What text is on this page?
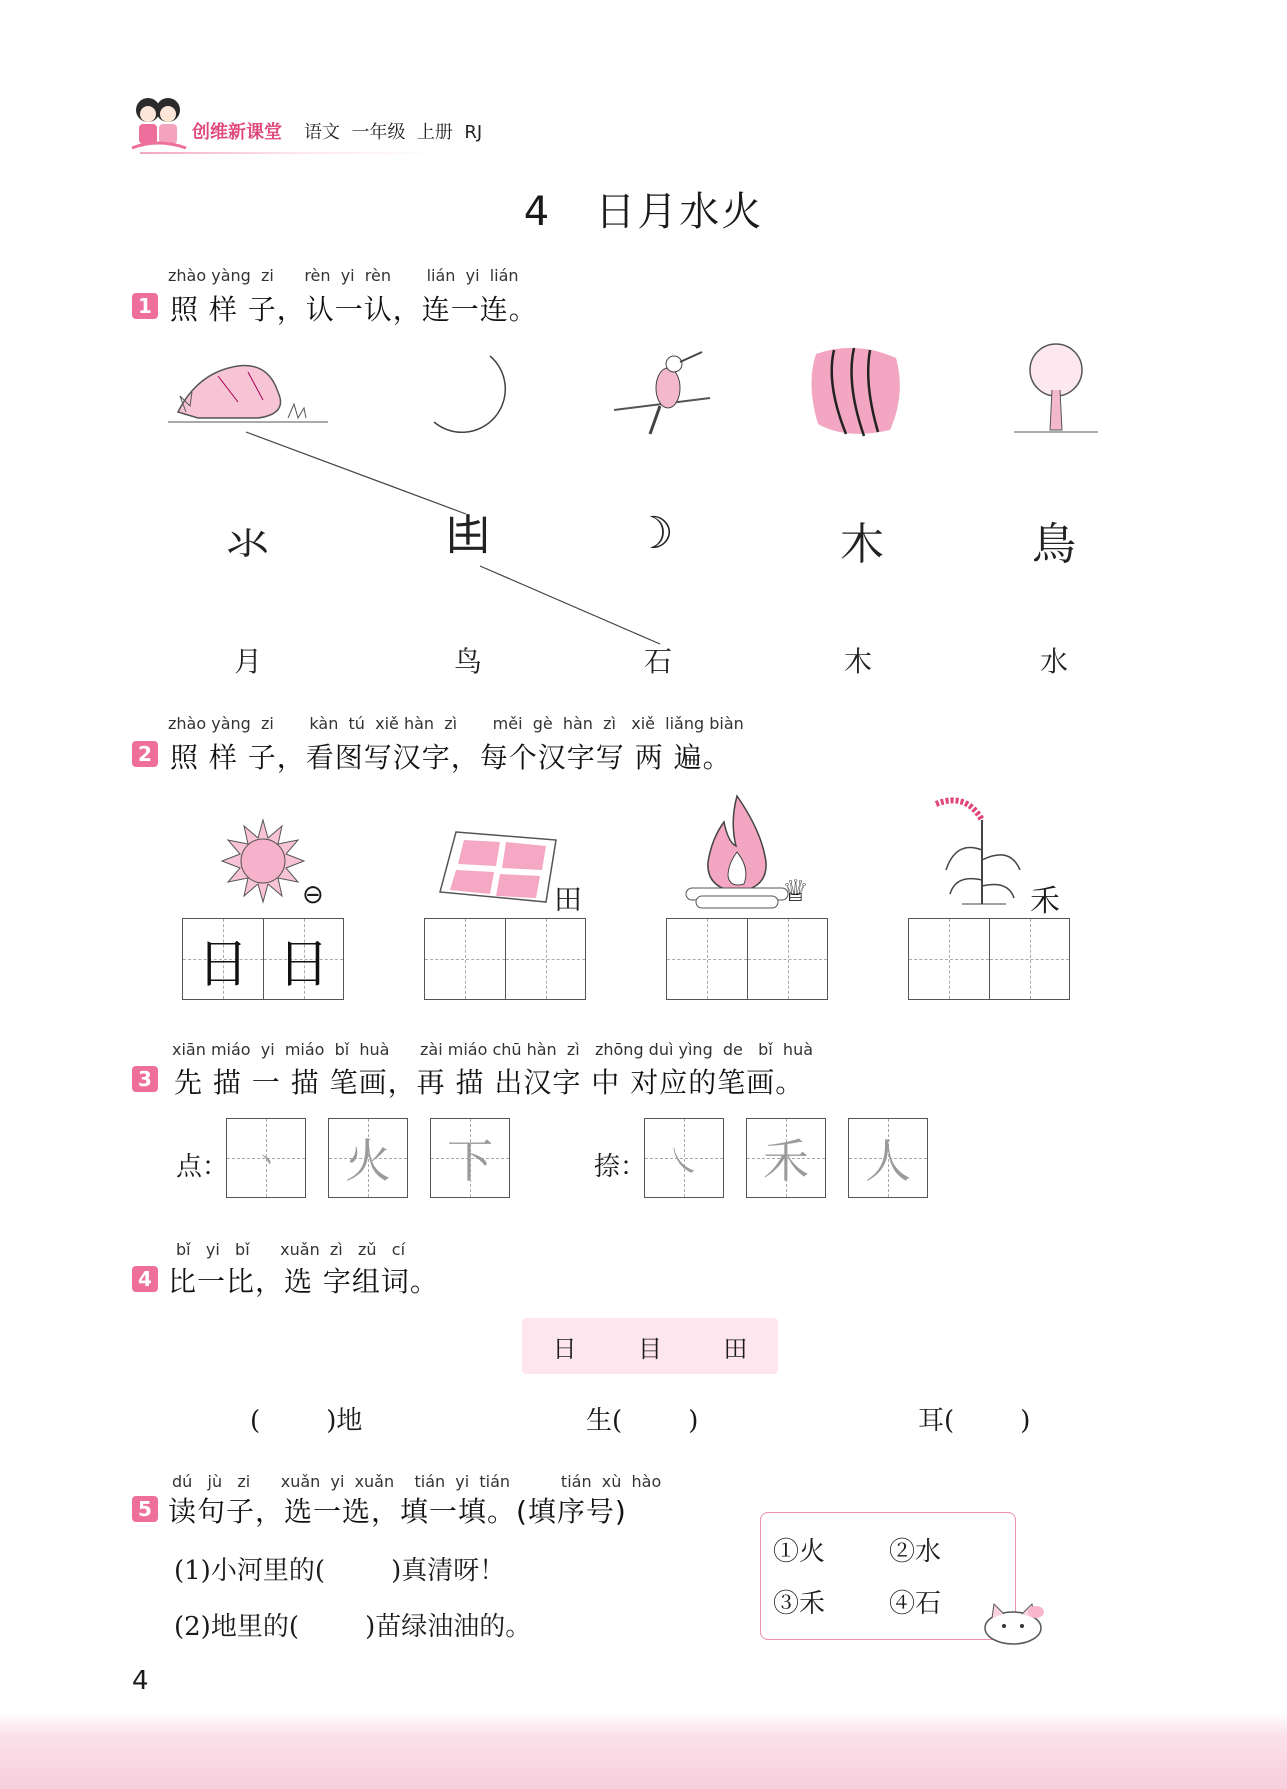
创维新课堂 语文  一年级  上册  RJ
4   日月水火
zhào yàng  zi      rèn  yi  rèn       lián  yi  lián
1 照 样 子，认一认，连一连。
氺	𠙹	☽	木	鳥
月	鸟	石	木	水
zhào yàng  zi       kàn  tú  xiě hàn  zì       měi  gè  hàn  zì   xiě  liǎng biàn
2 照 样 子，看图写汉字，每个汉字写 两 遍。
⊖	田	♕	禾
日 日
xiān miáo  yi  miáo  bǐ  huà      zài miáo chū hàn  zì   zhōng duì yìng  de   bǐ  huà
3 先 描 一 描 笔画，再 描 出汉字 中 对应的笔画。
点：	丶	火	下	捺： ㇏	禾	人
bǐ   yi   bǐ      xuǎn  zì   zǔ   cí
4 比一比，选 字组词。
日	目	田
(        )地	生(        )	耳(        )
dú   jù   zi      xuǎn  yi  xuǎn    tián  yi  tián          tián  xù  hào
5 读句子，选一选，填一填。(填序号)
(1)小河里的(        )真清呀！
(2)地里的(        )苗绿油油的。
①火 ②水
③禾 ④石
4
